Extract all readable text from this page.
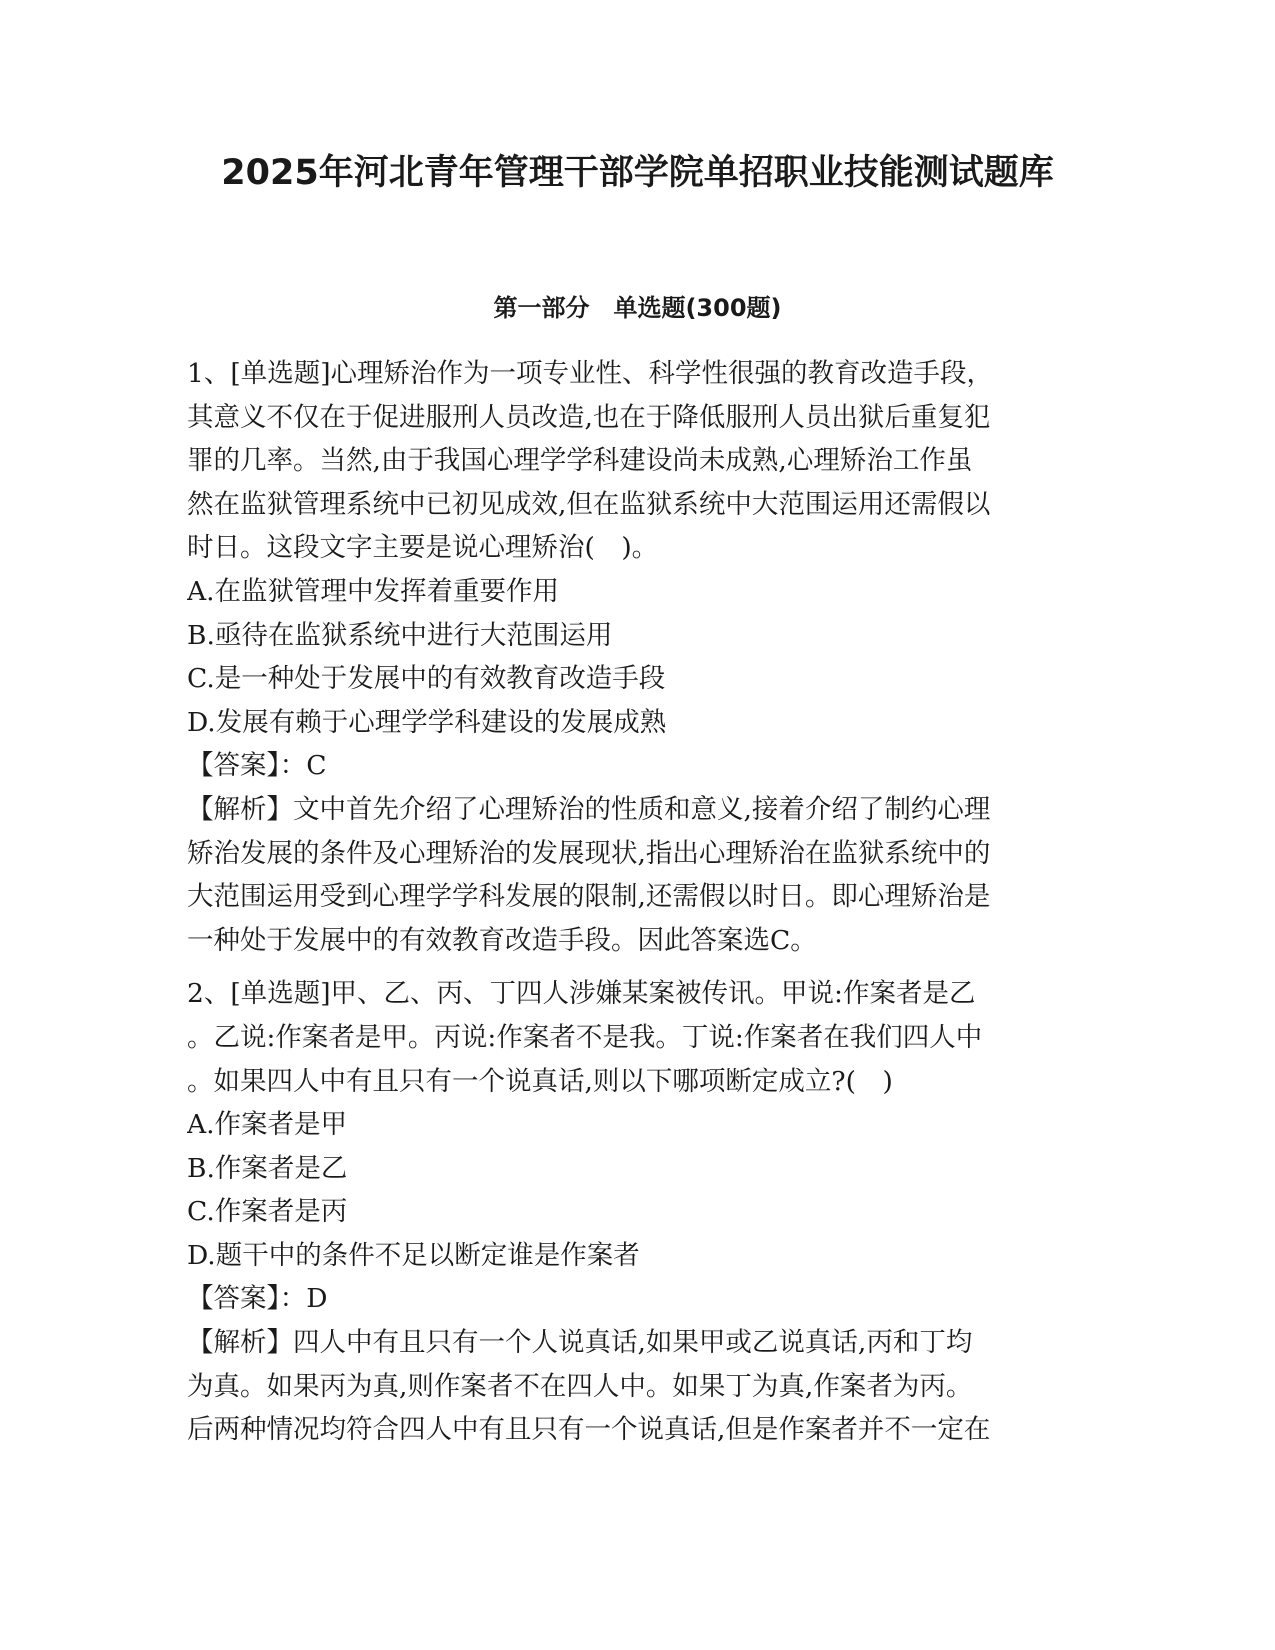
2025年河北青年管理干部学院单招职业技能测试题库
第一部分　单选题(300题)
1、[单选题]心理矫治作为一项专业性、科学性很强的教育改造手段，
其意义不仅在于促进服刑人员改造,也在于降低服刑人员出狱后重复犯
罪的几率。当然,由于我国心理学学科建设尚未成熟,心理矫治工作虽
然在监狱管理系统中已初见成效,但在监狱系统中大范围运用还需假以
时日。这段文字主要是说心理矫治(　)。
A.在监狱管理中发挥着重要作用
B.亟待在监狱系统中进行大范围运用
C.是一种处于发展中的有效教育改造手段
D.发展有赖于心理学学科建设的发展成熟
【答案】：C
【解析】文中首先介绍了心理矫治的性质和意义,接着介绍了制约心理
矫治发展的条件及心理矫治的发展现状,指出心理矫治在监狱系统中的
大范围运用受到心理学学科发展的限制,还需假以时日。即心理矫治是
一种处于发展中的有效教育改造手段。因此答案选C。
2、[单选题]甲、乙、丙、丁四人涉嫌某案被传讯。甲说:作案者是乙
。乙说:作案者是甲。丙说:作案者不是我。丁说:作案者在我们四人中
。如果四人中有且只有一个说真话,则以下哪项断定成立?(　)
A.作案者是甲
B.作案者是乙
C.作案者是丙
D.题干中的条件不足以断定谁是作案者
【答案】：D
【解析】四人中有且只有一个人说真话,如果甲或乙说真话,丙和丁均
为真。如果丙为真,则作案者不在四人中。如果丁为真,作案者为丙。
后两种情况均符合四人中有且只有一个说真话,但是作案者并不一定在
